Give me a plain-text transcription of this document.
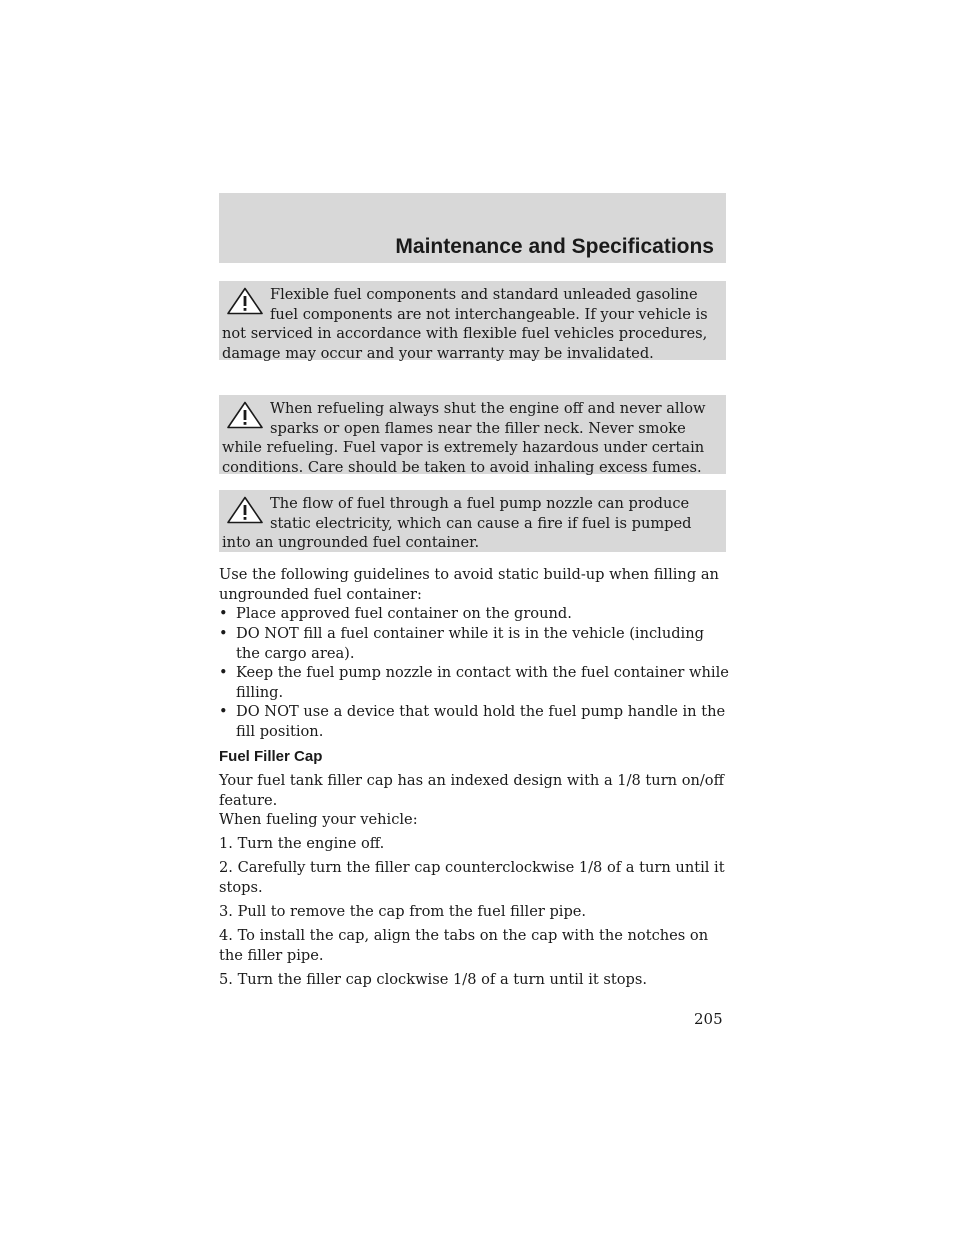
Maintenance and Specifications

Flexible fuel components and standard unleaded gasoline fuel components are not interchangeable. If your vehicle is not serviced in accordance with flexible fuel vehicles procedures, damage may occur and your warranty may be invalidated.

When refueling always shut the engine off and never allow sparks or open flames near the filler neck. Never smoke while refueling. Fuel vapor is extremely hazardous under certain conditions. Care should be taken to avoid inhaling excess fumes.

The flow of fuel through a fuel pump nozzle can produce static electricity, which can cause a fire if fuel is pumped into an ungrounded fuel container.

Use the following guidelines to avoid static build-up when filling an ungrounded fuel container:

• Place approved fuel container on the ground.
• DO NOT fill a fuel container while it is in the vehicle (including the cargo area).
• Keep the fuel pump nozzle in contact with the fuel container while filling.
• DO NOT use a device that would hold the fuel pump handle in the fill position.
Fuel Filler Cap

Your fuel tank filler cap has an indexed design with a 1/8 turn on/off feature.

When fueling your vehicle:

1. Turn the engine off.

2. Carefully turn the filler cap counterclockwise 1/8 of a turn until it stops.

3. Pull to remove the cap from the fuel filler pipe.

4. To install the cap, align the tabs on the cap with the notches on the filler pipe.

5. Turn the filler cap clockwise 1/8 of a turn until it stops.

205
